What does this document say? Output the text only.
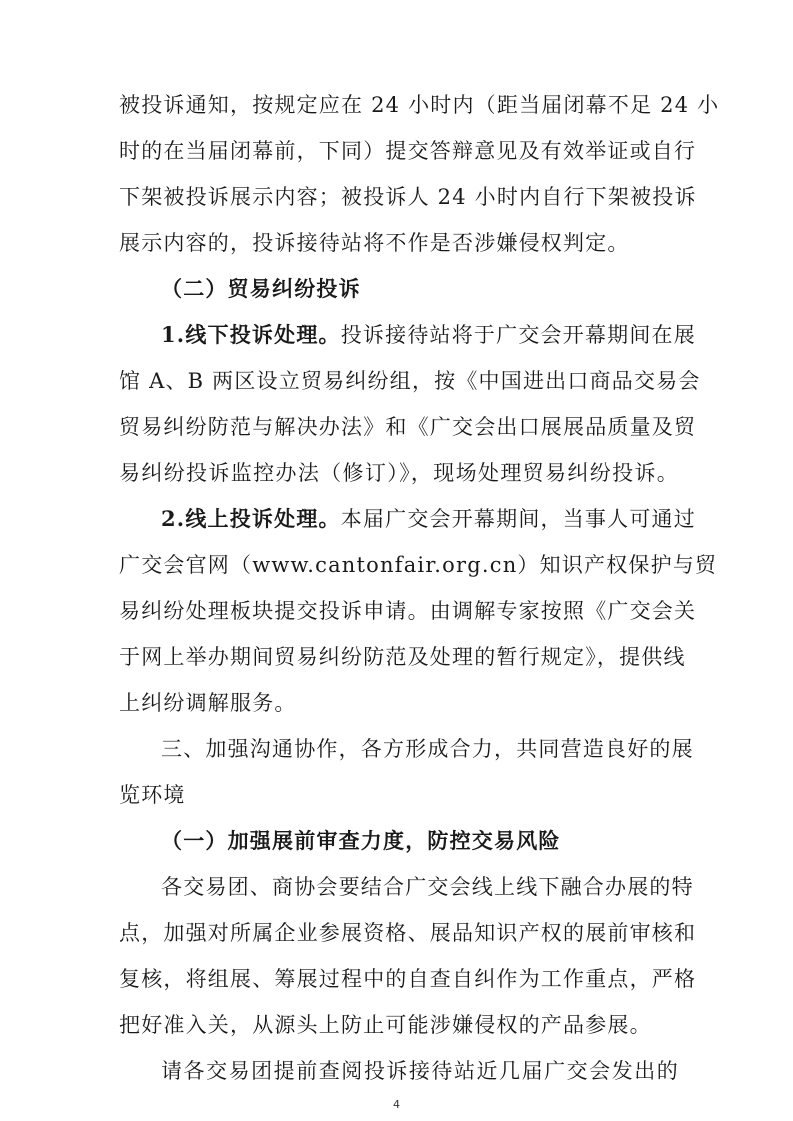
被投诉通知，按规定应在 24 小时内（距当届闭幕不足 24 小
时的在当届闭幕前，下同）提交答辩意见及有效举证或自行
下架被投诉展示内容；被投诉人 24 小时内自行下架被投诉
展示内容的，投诉接待站将不作是否涉嫌侵权判定。
（二）贸易纠纷投诉
1.线下投诉处理。投诉接待站将于广交会开幕期间在展
馆 A、B 两区设立贸易纠纷组，按《中国进出口商品交易会
贸易纠纷防范与解决办法》和《广交会出口展展品质量及贸
易纠纷投诉监控办法（修订）》，现场处理贸易纠纷投诉。
2.线上投诉处理。本届广交会开幕期间，当事人可通过
广交会官网（www.cantonfair.org.cn）知识产权保护与贸
易纠纷处理板块提交投诉申请。由调解专家按照《广交会关
于网上举办期间贸易纠纷防范及处理的暂行规定》，提供线
上纠纷调解服务。
三、加强沟通协作，各方形成合力，共同营造良好的展
览环境
（一）加强展前审查力度，防控交易风险
各交易团、商协会要结合广交会线上线下融合办展的特
点，加强对所属企业参展资格、展品知识产权的展前审核和
复核，将组展、筹展过程中的自查自纠作为工作重点，严格
把好准入关，从源头上防止可能涉嫌侵权的产品参展。
请各交易团提前查阅投诉接待站近几届广交会发出的
4
